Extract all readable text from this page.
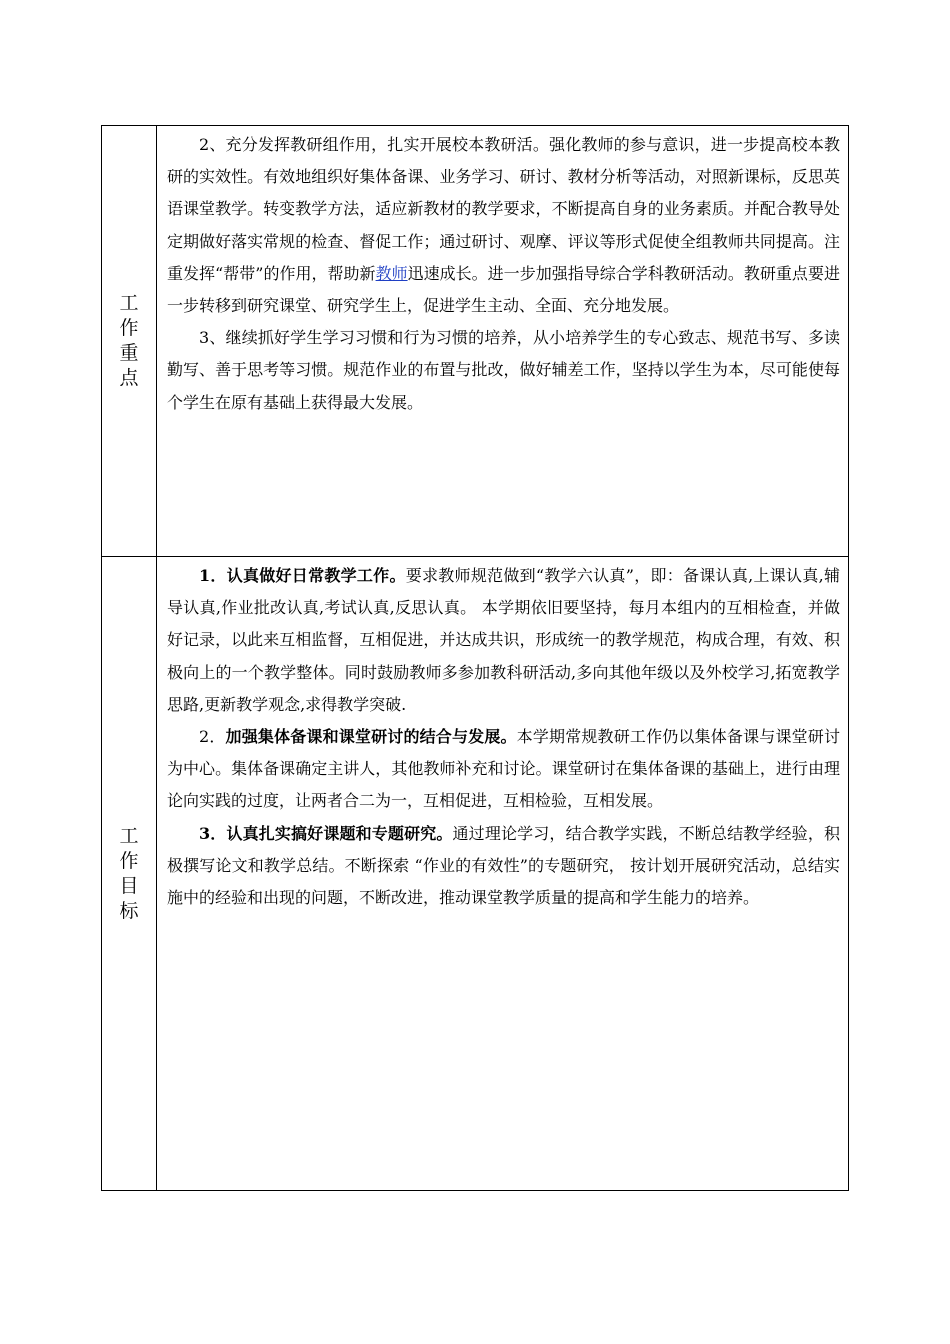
工作重点	2、充分发挥教研组作用，扎实开展校本教研活。强化教师的参与意识，进一步提高校本教研的实效性。有效地组织好集体备课、业务学习、研讨、教材分析等活动，对照新课标，反思英语课堂教学。转变教学方法，适应新教材的教学要求，不断提高自身的业务素质。并配合教导处定期做好落实常规的检查、督促工作；通过研讨、观摩、评议等形式促使全组教师共同提高。注重发挥“帮带”的作用，帮助新教师迅速成长。进一步加强指导综合学科教研活动。教研重点要进一步转移到研究课堂、研究学生上，促进学生主动、全面、充分地发展。

3、继续抓好学生学习习惯和行为习惯的培养，从小培养学生的专心致志、规范书写、多读勤写、善于思考等习惯。规范作业的布置与批改，做好辅差工作，坚持以学生为本，尽可能使每个学生在原有基础上获得最大发展。

工作目标	1．认真做好日常教学工作。要求教师规范做到“教学六认真”，即：备课认真,上课认真,辅导认真,作业批改认真,考试认真,反思认真。 本学期依旧要坚持，每月本组内的互相检查，并做好记录，以此来互相监督，互相促进，并达成共识，形成统一的教学规范，构成合理，有效、积极向上的一个教学整体。同时鼓励教师多参加教科研活动,多向其他年级以及外校学习,拓宽教学思路,更新教学观念,求得教学突破.

2．加强集体备课和课堂研讨的结合与发展。本学期常规教研工作仍以集体备课与课堂研讨为中心。集体备课确定主讲人，其他教师补充和讨论。课堂研讨在集体备课的基础上，进行由理论向实践的过度，让两者合二为一，互相促进，互相检验，互相发展。

3．认真扎实搞好课题和专题研究。通过理论学习，结合教学实践，不断总结教学经验，积极撰写论文和教学总结。不断探索 “作业的有效性”的专题研究， 按计划开展研究活动，总结实施中的经验和出现的问题，不断改进，推动课堂教学质量的提高和学生能力的培养。
